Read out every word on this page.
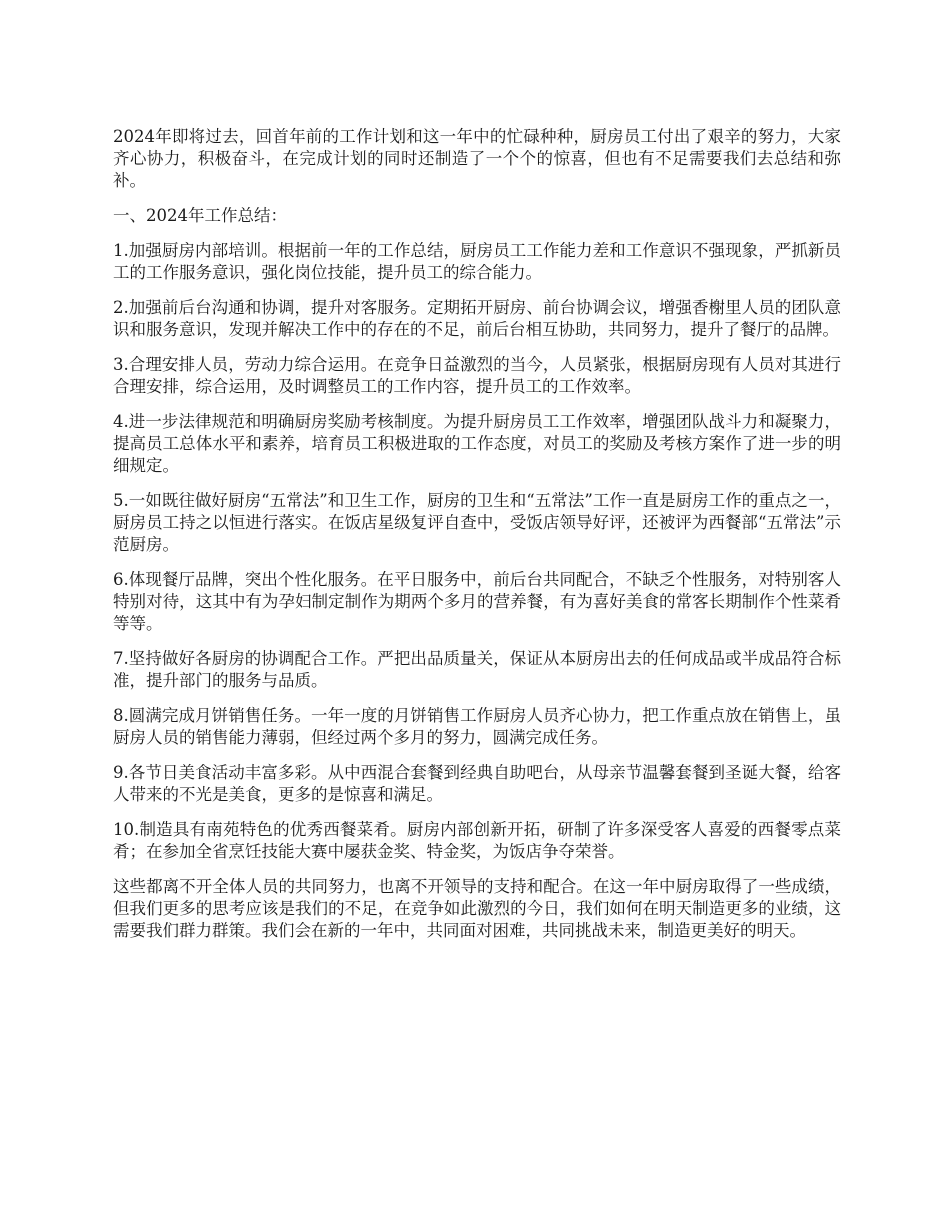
2024年即将过去，回首年前的工作计划和这一年中的忙碌种种，厨房员工付出了艰辛的努力，大家齐心协力，积极奋斗，在完成计划的同时还制造了一个个的惊喜，但也有不足需要我们去总结和弥补。

一、2024年工作总结：

1.加强厨房内部培训。根据前一年的工作总结，厨房员工工作能力差和工作意识不强现象，严抓新员工的工作服务意识，强化岗位技能，提升员工的综合能力。

2.加强前后台沟通和协调，提升对客服务。定期拓开厨房、前台协调会议，增强香榭里人员的团队意识和服务意识，发现并解决工作中的存在的不足，前后台相互协助，共同努力，提升了餐厅的品牌。

3.合理安排人员，劳动力综合运用。在竞争日益激烈的当今，人员紧张，根据厨房现有人员对其进行合理安排，综合运用，及时调整员工的工作内容，提升员工的工作效率。

4.进一步法律规范和明确厨房奖励考核制度。为提升厨房员工工作效率，增强团队战斗力和凝聚力，提高员工总体水平和素养，培育员工积极进取的工作态度，对员工的奖励及考核方案作了进一步的明细规定。

5.一如既往做好厨房“五常法”和卫生工作，厨房的卫生和“五常法”工作一直是厨房工作的重点之一，厨房员工持之以恒进行落实。在饭店星级复评自查中，受饭店领导好评，还被评为西餐部“五常法”示范厨房。

6.体现餐厅品牌，突出个性化服务。在平日服务中，前后台共同配合，不缺乏个性服务，对特别客人特别对待，这其中有为孕妇制定制作为期两个多月的营养餐，有为喜好美食的常客长期制作个性菜肴等等。

7.坚持做好各厨房的协调配合工作。严把出品质量关，保证从本厨房出去的任何成品或半成品符合标准，提升部门的服务与品质。

8.圆满完成月饼销售任务。一年一度的月饼销售工作厨房人员齐心协力，把工作重点放在销售上，虽厨房人员的销售能力薄弱，但经过两个多月的努力，圆满完成任务。

9.各节日美食活动丰富多彩。从中西混合套餐到经典自助吧台，从母亲节温馨套餐到圣诞大餐，给客人带来的不光是美食，更多的是惊喜和满足。

10.制造具有南苑特色的优秀西餐菜肴。厨房内部创新开拓，研制了许多深受客人喜爱的西餐零点菜肴；在参加全省烹饪技能大赛中屡获金奖、特金奖，为饭店争夺荣誉。

这些都离不开全体人员的共同努力，也离不开领导的支持和配合。在这一年中厨房取得了一些成绩，但我们更多的思考应该是我们的不足，在竞争如此激烈的今日，我们如何在明天制造更多的业绩，这需要我们群力群策。我们会在新的一年中，共同面对困难，共同挑战未来，制造更美好的明天。
